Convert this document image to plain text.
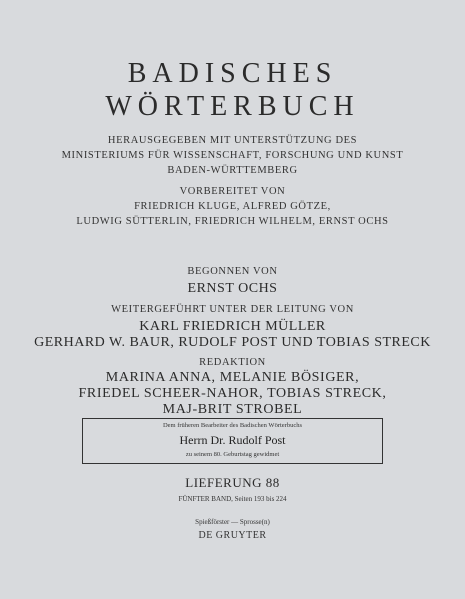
BADISCHES
WÖRTERBUCH
HERAUSGEGEBEN MIT UNTERSTÜTZUNG DES
MINISTERIUMS FÜR WISSENSCHAFT, FORSCHUNG UND KUNST
BADEN-WÜRTTEMBERG
VORBEREITET VON
FRIEDRICH KLUGE, ALFRED GÖTZE,
LUDWIG SÜTTERLIN, FRIEDRICH WILHELM, ERNST OCHS
BEGONNEN VON
ERNST OCHS
WEITERGEFÜHRT UNTER DER LEITUNG VON
KARL FRIEDRICH MÜLLER
GERHARD W. BAUR, RUDOLF POST UND TOBIAS STRECK
REDAKTION
MARINA ANNA, MELANIE BÖSIGER,
FRIEDEL SCHEER-NAHOR, TOBIAS STRECK,
MAJ-BRIT STROBEL
Dem früheren Bearbeiter des Badischen Wörterbuchs
Herrn Dr. Rudolf Post
zu seinem 80. Geburtstag gewidmet
LIEFERUNG 88
FÜNFTER BAND, Seiten 193 bis 224
Spießförster — Sprosse(n)
DE GRUYTER
